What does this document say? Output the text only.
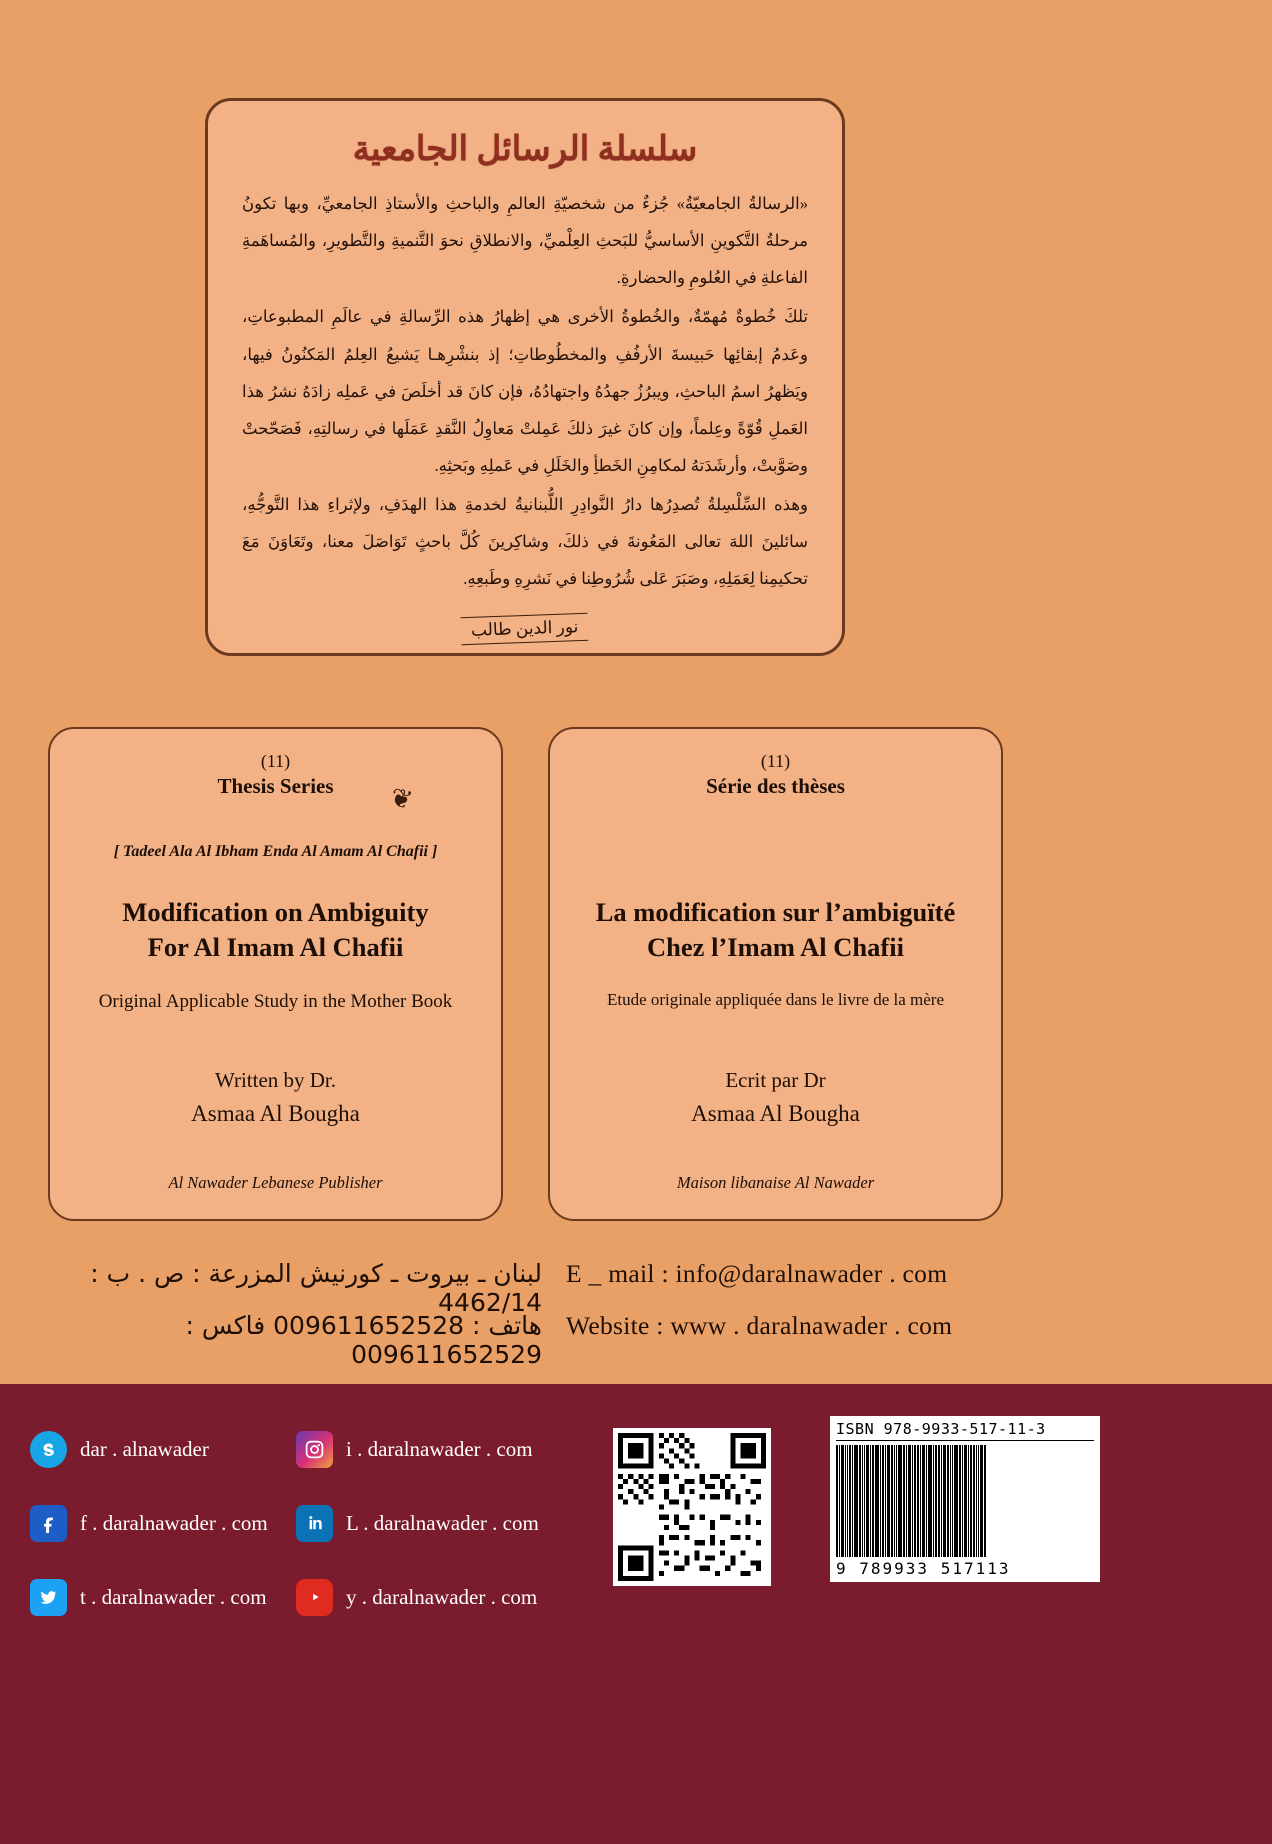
سلسلة الرسائل الجامعية

«الرسالةُ الجامعيّةُ» جُزءٌ من شخصيّةِ العالمِ والباحثِ والأستاذِ الجامعيِّ، وبها تكونُ مرحلةُ التَّكوينِ الأساسيُّ للبَحثِ العِلْميِّ، والانطلاقِ نحوَ التَّنميةِ والتَّطويرِ، والمُساهَمةِ الفاعلةِ في العُلومِ والحضارةِ.

تلكَ خُطوةٌ مُهمّةٌ، والخُطوةُ الأخرى هي إظهارُ هذه الرِّسالةِ في عالَمِ المطبوعاتِ، وعَدمُ إبقائِها حَبيسةَ الأرفُفِ والمخطُوطاتِ؛ إذ بنشْرِهـا يَشيعُ العِلمُ المَكنُونُ فيها، ويَظهرُ اسمُ الباحثِ، ويبرُزُ جهدُهُ واجتهادُهُ، فإن كانَ قد أخلَصَ في عَملِه زادَهُ نشرُ هذا العَملِ قُوّةً وعِلماً، وإن كانَ غيرَ ذلكَ عَمِلتْ مَعاوِلُ النَّقدِ عَمَلَها في رسالتِهِ، فَصَحّحتْ وصَوَّبتْ، وأرشَدَتهُ لمكامِنِ الخَطأِ والخَلَلِ في عَملِهِ وبَحثِهِ.

وهذه السِّلْسِلةُ تُصدِرُها دارُ النَّوادِرِ اللُّبنانيةُ لخدمةِ هذا الهدَفِ، ولإثراءِ هذا التَّوجُّهِ، سائلينَ اللهَ تعالى المَعُونةَ في ذلكَ، وشاكِرينَ كُلَّ باحثٍ تَوَاصَلَ معنا، وتَعَاوَنَ مَعَ تحكيمِنا لِعَمَلِهِ، وصَبَرَ عَلى شُرُوطِنا في نَشرِهِ وطَبعِهِ.

نور الدين طالب
(11)
Thesis Series	❦
[ Tadeel Ala Al Ibham Enda Al Amam Al Chafii ]
Modification on Ambiguity
For Al Imam Al Chafii
Original Applicable Study in the Mother Book
Written by Dr.
Asmaa Al Bougha
Al Nawader Lebanese Publisher
(11)
Série des thèses
La modification sur l’ambiguïté
Chez l’Imam Al Chafii
Etude originale appliquée dans le livre de la mère
Ecrit par Dr
Asmaa Al Bougha
Maison libanaise Al Nawader
لبنان ـ بيروت ـ كورنيش المزرعة : ص . ب : 4462/14
هاتف : 009611652528 فاكس : 009611652529
E _ mail : info@daralnawader . com
Website : www . daralnawader . com
dar . alnawader	i . daralnawader . com
f . daralnawader . com	L . daralnawader . com
t . daralnawader . com	y . daralnawader . com
ISBN 978-9933-517-11-3
9 789933 517113
